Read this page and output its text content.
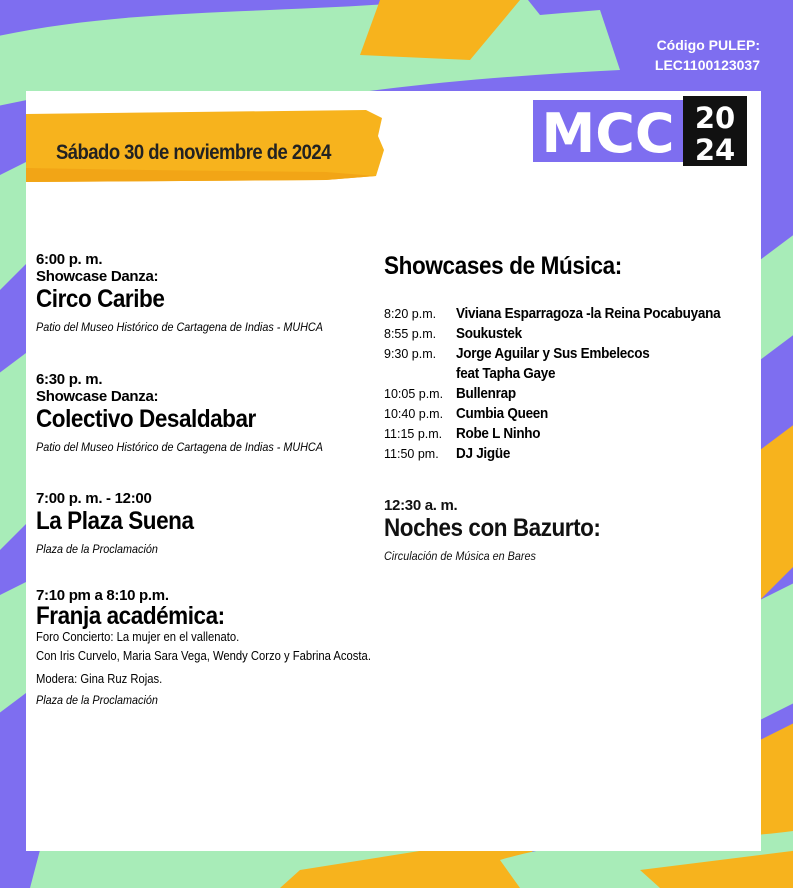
Código PULEP:
LEC1100123037
Sábado 30 de noviembre de 2024	MCC 20
24
6:00 p. m.
Showcase Danza:
Circo Caribe
Patio del Museo Histórico de Cartagena de Indias - MUHCA
6:30 p. m.
Showcase Danza:
Colectivo Desaldabar
Patio del Museo Histórico de Cartagena de Indias - MUHCA
7:00 p. m. - 12:00
La Plaza Suena
Plaza de la Proclamación
7:10 pm a 8:10 p.m.
Franja académica:
Foro Concierto: La mujer en el vallenato.
Con Iris Curvelo, Maria Sara Vega, Wendy Corzo y Fabrina Acosta.
Modera: Gina Ruz Rojas.
Plaza de la Proclamación
Showcases de Música:
8:20 p.m.	Viviana Esparragoza -la Reina Pocabuyana
8:55 p.m.	Soukustek
9:30 p.m.	Jorge Aguilar y Sus Embelecos
feat Tapha Gaye
10:05 p.m. Bullenrap
10:40 p.m. Cumbia Queen
11:15 p.m. Robe L Ninho
11:50 pm.	DJ Jigüe
12:30 a. m.
Noches con Bazurto:
Circulación de Música en Bares
